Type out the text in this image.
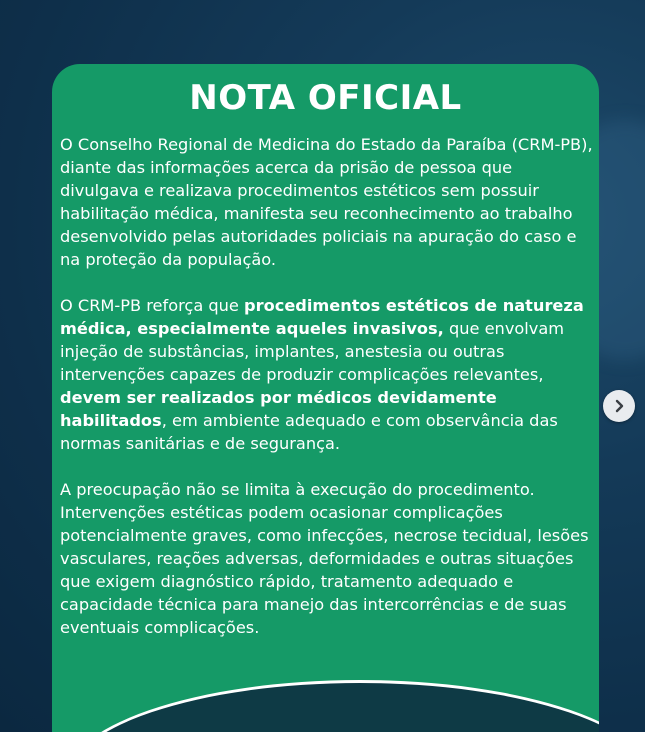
NOTA OFICIAL

O Conselho Regional de Medicina do Estado da Paraíba (CRM-PB), diante das informações acerca da prisão de pessoa que divulgava e realizava procedimentos estéticos sem possuir habilitação médica, manifesta seu reconhecimento ao trabalho desenvolvido pelas autoridades policiais na apuração do caso e na proteção da população.

O CRM-PB reforça que procedimentos estéticos de natureza médica, especialmente aqueles invasivos, que envolvam injeção de substâncias, implantes, anestesia ou outras intervenções capazes de produzir complicações relevantes, devem ser realizados por médicos devidamente habilitados, em ambiente adequado e com observância das normas sanitárias e de segurança.

A preocupação não se limita à execução do procedimento. Intervenções estéticas podem ocasionar complicações potencialmente graves, como infecções, necrose tecidual, lesões vasculares, reações adversas, deformidades e outras situações que exigem diagnóstico rápido, tratamento adequado e capacidade técnica para manejo das intercorrências e de suas eventuais complicações.
